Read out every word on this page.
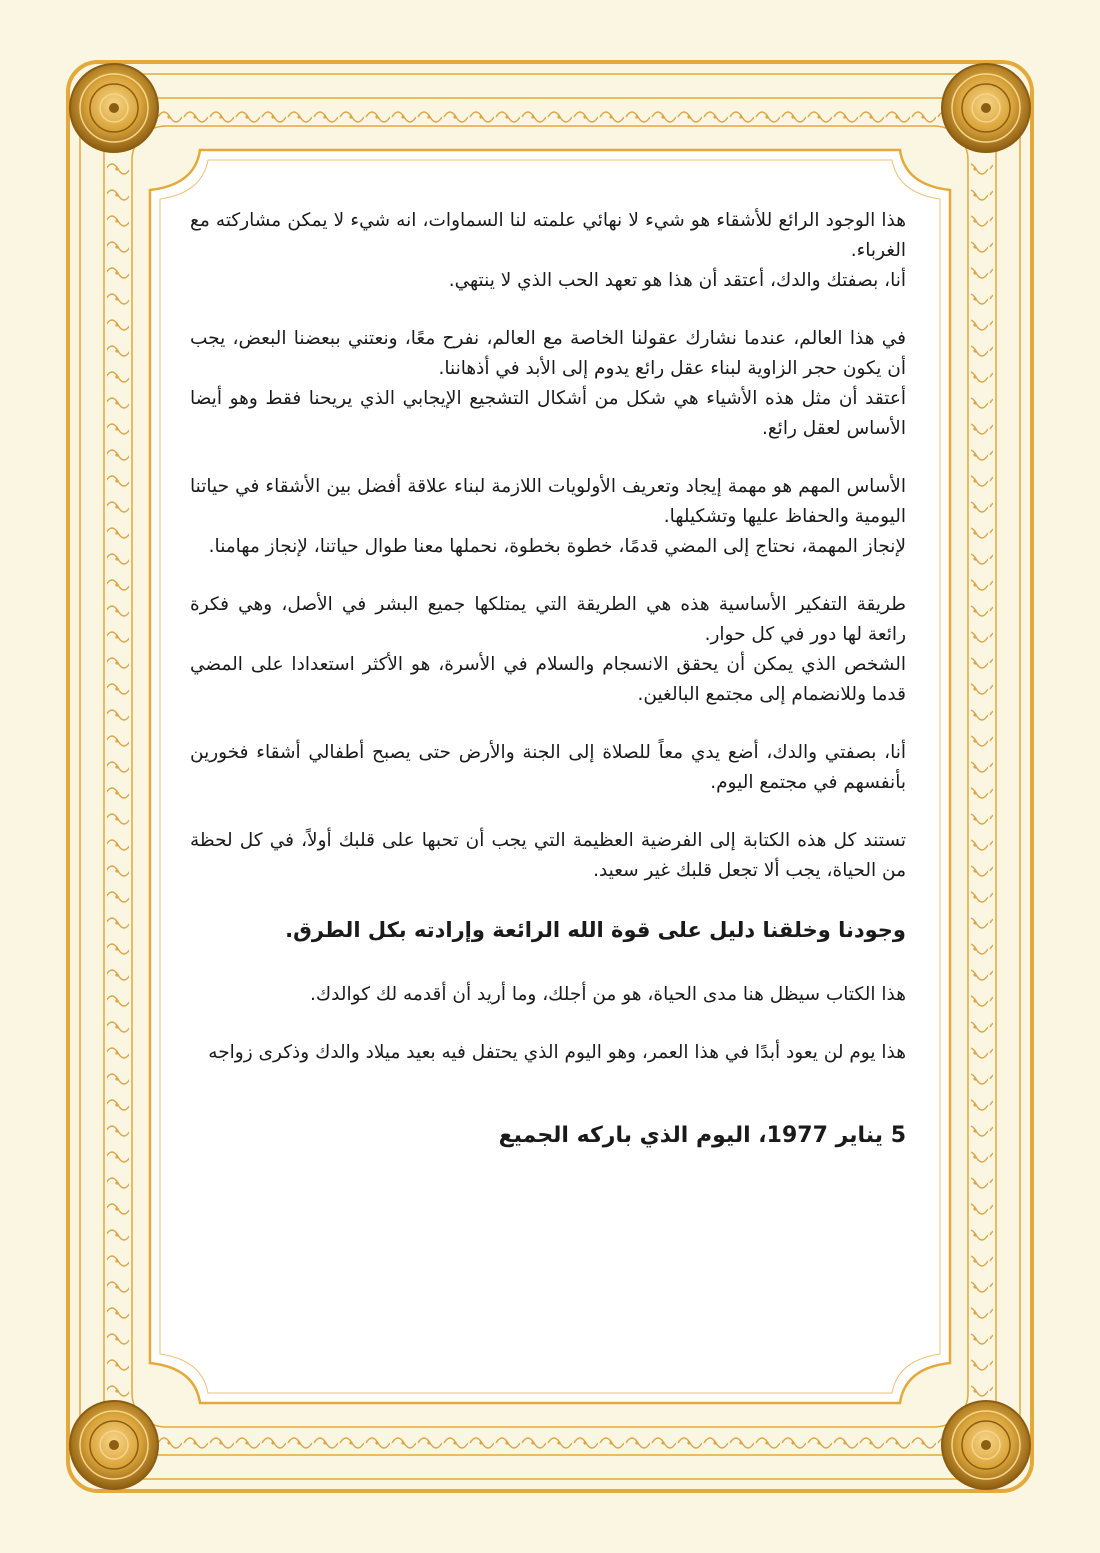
هذا الوجود الرائع للأشقاء هو شيء لا نهائي علمته لنا السماوات، انه شيء لا يمكن مشاركته مع الغرباء.
أنا، بصفتك والدك، أعتقد أن هذا هو تعهد الحب الذي لا ينتهي.
في هذا العالم، عندما نشارك عقولنا الخاصة مع العالم، نفرح معًا، ونعتني ببعضنا البعض، يجب أن يكون حجر الزاوية لبناء عقل رائع يدوم إلى الأبد في أذهاننا.
أعتقد أن مثل هذه الأشياء هي شكل من أشكال التشجيع الإيجابي الذي يريحنا فقط وهو أيضا الأساس لعقل رائع.
الأساس المهم هو مهمة إيجاد وتعريف الأولويات اللازمة لبناء علاقة أفضل بين الأشقاء في حياتنا اليومية والحفاظ عليها وتشكيلها.
لإنجاز المهمة، نحتاج إلى المضي قدمًا، خطوة بخطوة، نحملها معنا طوال حياتنا، لإنجاز مهامنا.
طريقة التفكير الأساسية هذه هي الطريقة التي يمتلكها جميع البشر في الأصل، وهي فكرة رائعة لها دور في كل حوار.
الشخص الذي يمكن أن يحقق الانسجام والسلام في الأسرة، هو الأكثر استعدادا على المضي قدما وللانضمام إلى مجتمع البالغين.
أنا، بصفتي والدك، أضع يدي معاً للصلاة إلى الجنة والأرض حتى يصبح أطفالي أشقاء فخورين بأنفسهم في مجتمع اليوم.
تستند كل هذه الكتابة إلى الفرضية العظيمة التي يجب أن تحبها على قلبك أولاً، في كل لحظة من الحياة، يجب ألا تجعل قلبك غير سعيد.
وجودنا وخلقنا دليل على قوة الله الرائعة وإرادته بكل الطرق.
هذا الكتاب سيظل هنا مدى الحياة، هو من أجلك، وما أريد أن أقدمه لك كوالدك.
هذا يوم لن يعود أبدًا في هذا العمر، وهو اليوم الذي يحتفل فيه بعيد ميلاد والدك وذكرى زواجه
5 يناير 1977، اليوم الذي باركه الجميع
